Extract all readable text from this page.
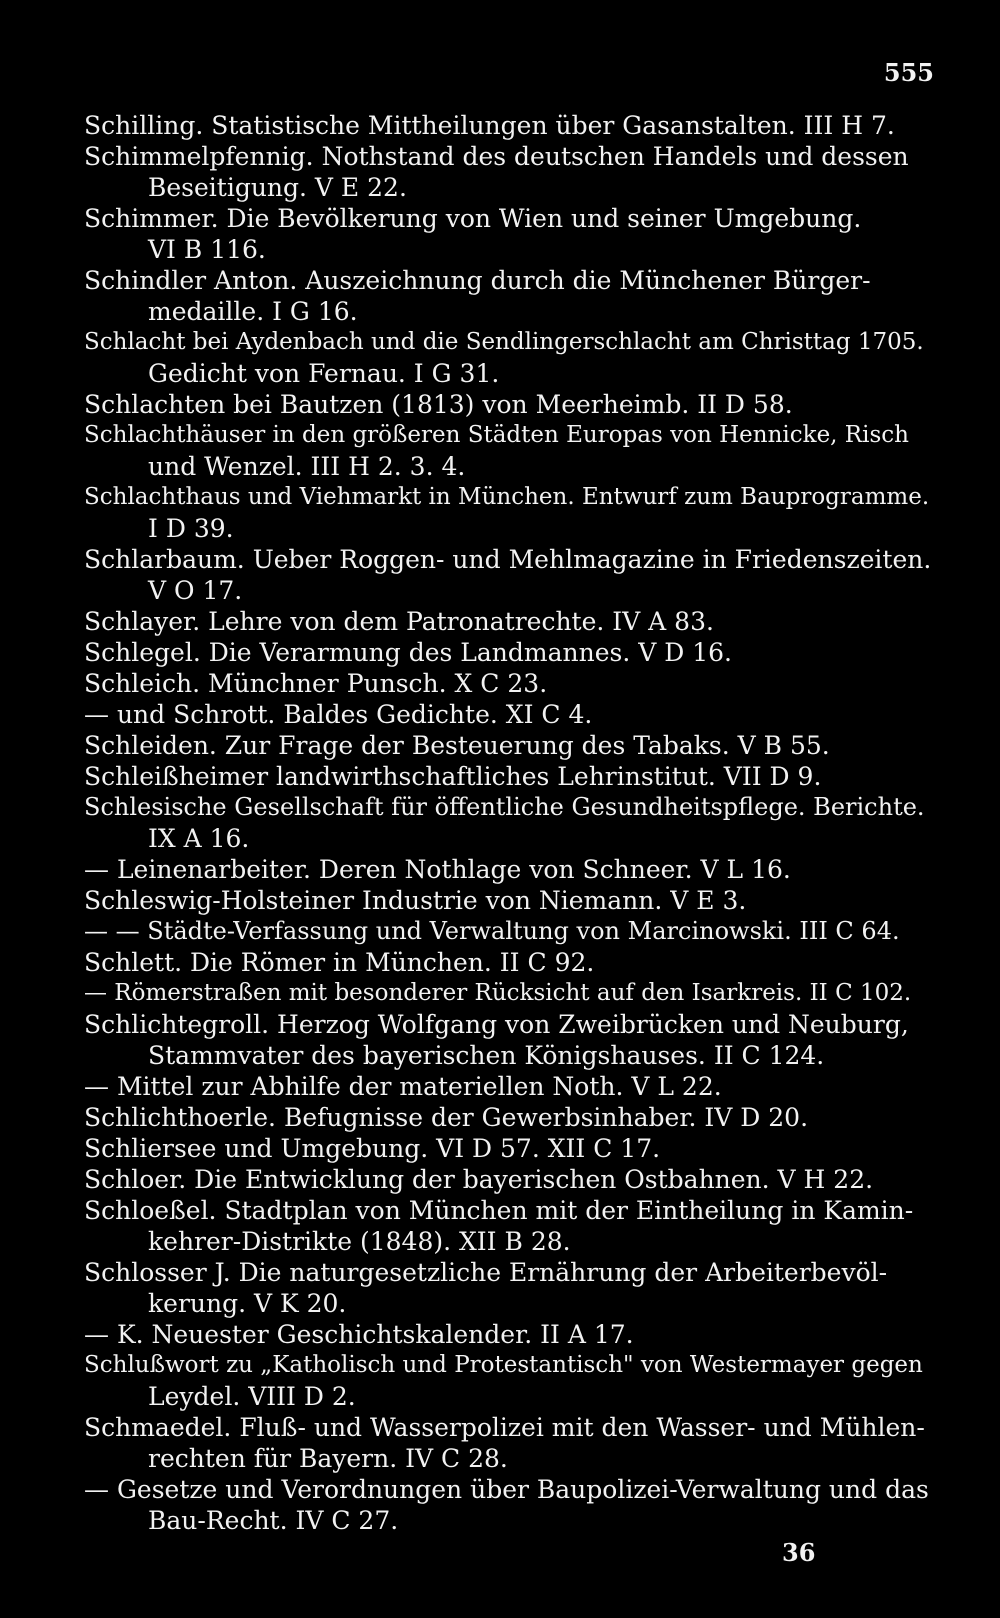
555
Schilling. Statistische Mittheilungen über Gasanstalten. III H 7.
Schimmelpfennig. Nothstand des deutschen Handels und dessen
Beseitigung. V E 22.
Schimmer. Die Bevölkerung von Wien und seiner Umgebung.
VI B 116.
Schindler Anton. Auszeichnung durch die Münchener Bürger-
medaille. I G 16.
Schlacht bei Aydenbach und die Sendlingerschlacht am Christtag 1705.
Gedicht von Fernau. I G 31.
Schlachten bei Bautzen (1813) von Meerheimb. II D 58.
Schlachthäuser in den größeren Städten Europas von Hennicke, Risch
und Wenzel. III H 2. 3. 4.
Schlachthaus und Viehmarkt in München. Entwurf zum Bauprogramme.
I D 39.
Schlarbaum. Ueber Roggen- und Mehlmagazine in Friedenszeiten.
V O 17.
Schlayer. Lehre von dem Patronatrechte. IV A 83.
Schlegel. Die Verarmung des Landmannes. V D 16.
Schleich. Münchner Punsch. X C 23.
— und Schrott. Baldes Gedichte. XI C 4.
Schleiden. Zur Frage der Besteuerung des Tabaks. V B 55.
Schleißheimer landwirthschaftliches Lehrinstitut. VII D 9.
Schlesische Gesellschaft für öffentliche Gesundheitspflege. Berichte.
IX A 16.
— Leinenarbeiter. Deren Nothlage von Schneer. V L 16.
Schleswig-Holsteiner Industrie von Niemann. V E 3.
— — Städte-Verfassung und Verwaltung von Marcinowski. III C 64.
Schlett. Die Römer in München. II C 92.
— Römerstraßen mit besonderer Rücksicht auf den Isarkreis. II C 102.
Schlichtegroll. Herzog Wolfgang von Zweibrücken und Neuburg,
Stammvater des bayerischen Königshauses. II C 124.
— Mittel zur Abhilfe der materiellen Noth. V L 22.
Schlichthoerle. Befugnisse der Gewerbsinhaber. IV D 20.
Schliersee und Umgebung. VI D 57. XII C 17.
Schloer. Die Entwicklung der bayerischen Ostbahnen. V H 22.
Schloeßel. Stadtplan von München mit der Eintheilung in Kamin-
kehrer-Distrikte (1848). XII B 28.
Schlosser J. Die naturgesetzliche Ernährung der Arbeiterbevöl-
kerung. V K 20.
— K. Neuester Geschichtskalender. II A 17.
Schlußwort zu „Katholisch und Protestantisch" von Westermayer gegen
Leydel. VIII D 2.
Schmaedel. Fluß- und Wasserpolizei mit den Wasser- und Mühlen-
rechten für Bayern. IV C 28.
— Gesetze und Verordnungen über Baupolizei-Verwaltung und das
Bau-Recht. IV C 27.
36
